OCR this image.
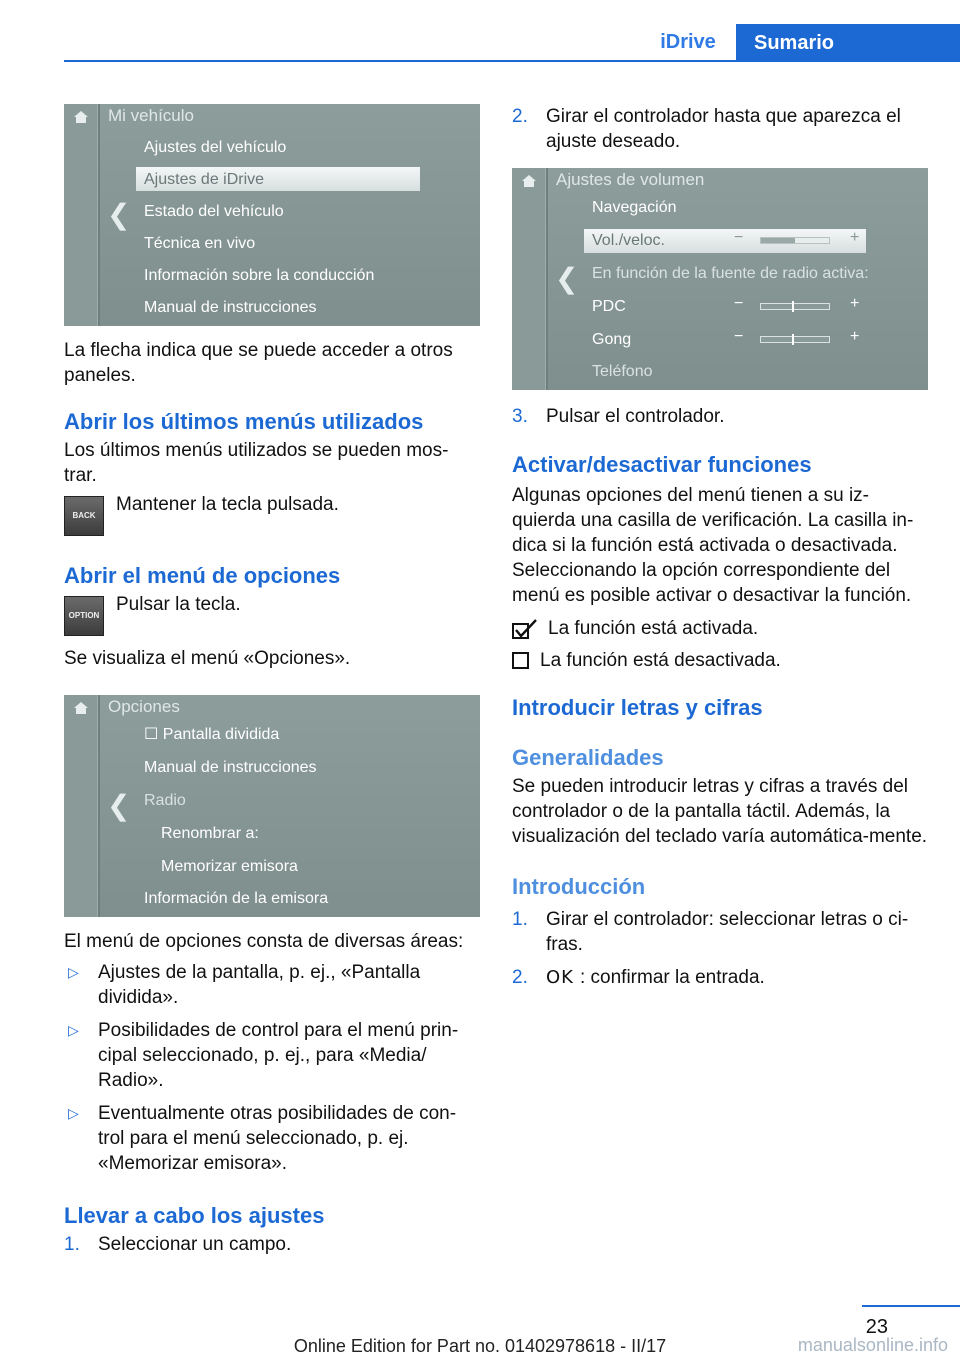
iDrive	Sumario
Mi vehículo
❮
Ajustes del vehículo
Ajustes de iDrive
Estado del vehículo
Técnica en vivo
Información sobre la conducción
Manual de instrucciones
La flecha indica que se puede acceder a otros paneles.
Abrir los últimos menús utilizados
Los últimos menús utilizados se pueden mos‐trar.
BACK
Mantener la tecla pulsada.
Abrir el menú de opciones
OPTION
Pulsar la tecla.
Se visualiza el menú «Opciones».
Opciones
❮
☐ Pantalla dividida
Manual de instrucciones
Radio
Renombrar a:
Memorizar emisora
Información de la emisora
El menú de opciones consta de diversas áreas:
▷ Ajustes de la pantalla, p. ej., «Pantalla dividida».
▷ Posibilidades de control para el menú prin‐cipal seleccionado, p. ej., para «Media/ Radio».
▷ Eventualmente otras posibilidades de con‐trol para el menú seleccionado, p. ej. «Memorizar emisora».
Llevar a cabo los ajustes
1. Seleccionar un campo.
2. Girar el controlador hasta que aparezca el ajuste deseado.
Ajustes de volumen
❮
Navegación
Vol./veloc.	−	+
En función de la fuente de radio activa:
PDC	−	+
Gong	−	+
Teléfono
3. Pulsar el controlador.
Activar/desactivar funciones
Algunas opciones del menú tienen a su iz‐quierda una casilla de verificación. La casilla in‐dica si la función está activada o desactivada. Seleccionando la opción correspondiente del menú es posible activar o desactivar la función.
La función está activada.
La función está desactivada.
Introducir letras y cifras
Generalidades
Se pueden introducir letras y cifras a través del controlador o de la pantalla táctil. Además, la visualización del teclado varía automática‐mente.
Introducción
1. Girar el controlador: seleccionar letras o ci‐fras.
2. OK : confirmar la entrada.
23
Online Edition for Part no. 01402978618 - II/17	manualsonline.info
